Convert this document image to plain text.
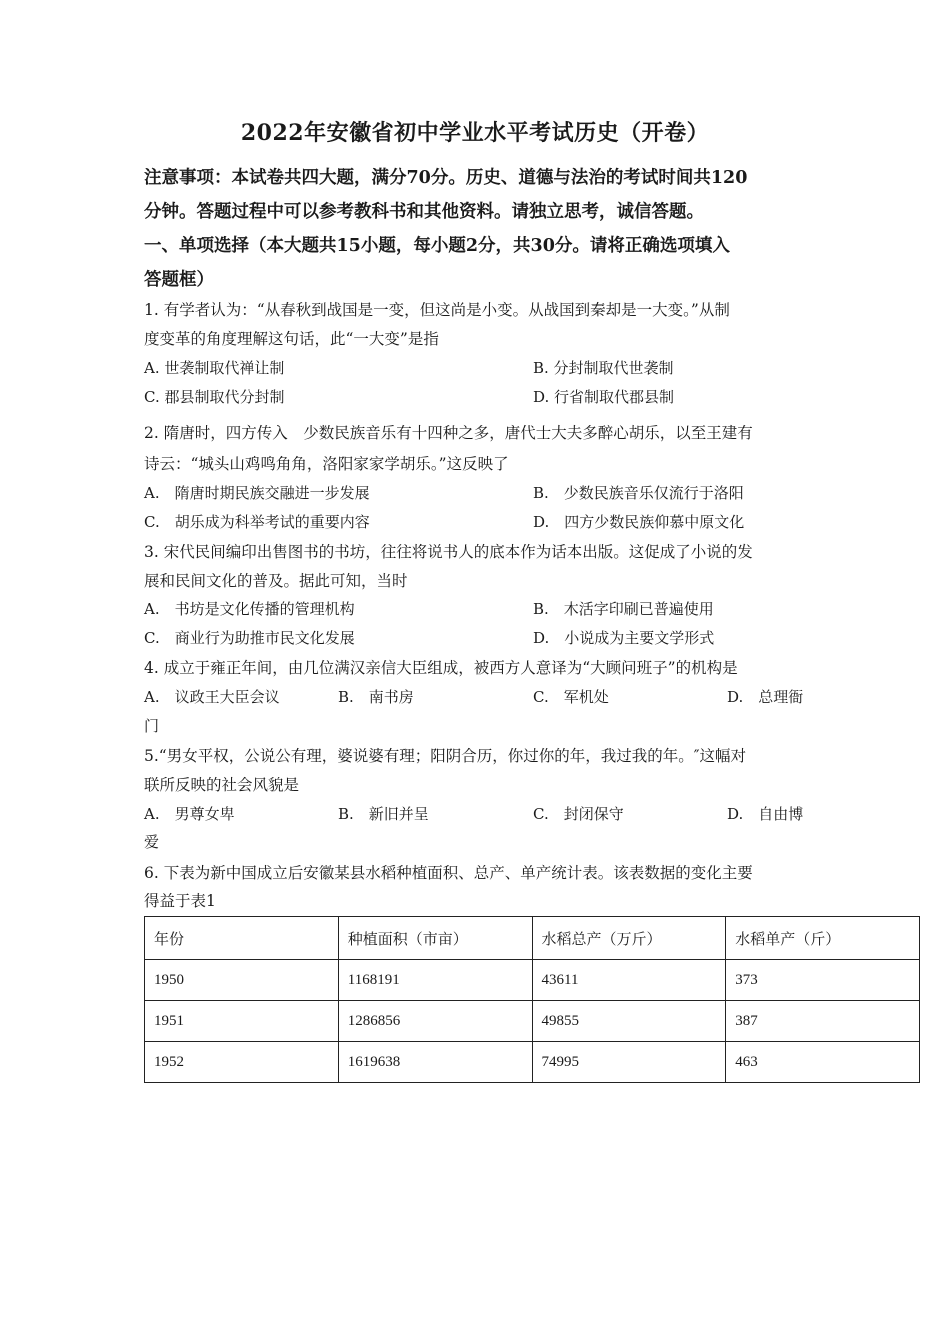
2022年安徽省初中学业水平考试历史（开卷）
注意事项：本试卷共四大题，满分70分。历史、道德与法治的考试时间共120
分钟。答题过程中可以参考教科书和其他资料。请独立思考，诚信答题。
一、单项选择（本大题共15小题，每小题2分，共30分。请将正确选项填入
答题框）
1. 有学者认为：“从春秋到战国是一变，但这尚是小变。从战国到秦却是一大变。”从制
度变革的角度理解这句话，此“一大变”是指
A. 世袭制取代禅让制	B. 分封制取代世袭制
C. 郡县制取代分封制	D. 行省制取代郡县制
2. 隋唐时，四方传入　少数民族音乐有十四种之多，唐代士大夫多醉心胡乐，以至王建有
诗云：“城头山鸡鸣角角，洛阳家家学胡乐。”这反映了
A.　隋唐时期民族交融进一步发展	B.　少数民族音乐仅流行于洛阳
C.　胡乐成为科举考试的重要内容	D.　四方少数民族仰慕中原文化
3. 宋代民间编印出售图书的书坊，往往将说书人的底本作为话本出版。这促成了小说的发
展和民间文化的普及。据此可知，当时
A.　书坊是文化传播的管理机构	B.　木活字印刷已普遍使用
C.　商业行为助推市民文化发展	D.　小说成为主要文学形式
4. 成立于雍正年间，由几位满汉亲信大臣组成，被西方人意译为“大顾问班子”的机构是
A.　议政王大臣会议	B.　南书房	C.　军机处	D.　总理衙
门
5.“男女平权，公说公有理，婆说婆有理；阳阴合历，你过你的年，我过我的年。″这幅对
联所反映的社会风貌是
A.　男尊女卑	B.　新旧并呈	C.　封闭保守	D.　自由博
爱
6. 下表为新中国成立后安徽某县水稻种植面积、总产、单产统计表。该表数据的变化主要
得益于表1
年份	种植面积（市亩）	水稻总产（万斤）	水稻单产（斤）
1950	1168191	43611	373
1951	1286856	49855	387
1952	1619638	74995	463
